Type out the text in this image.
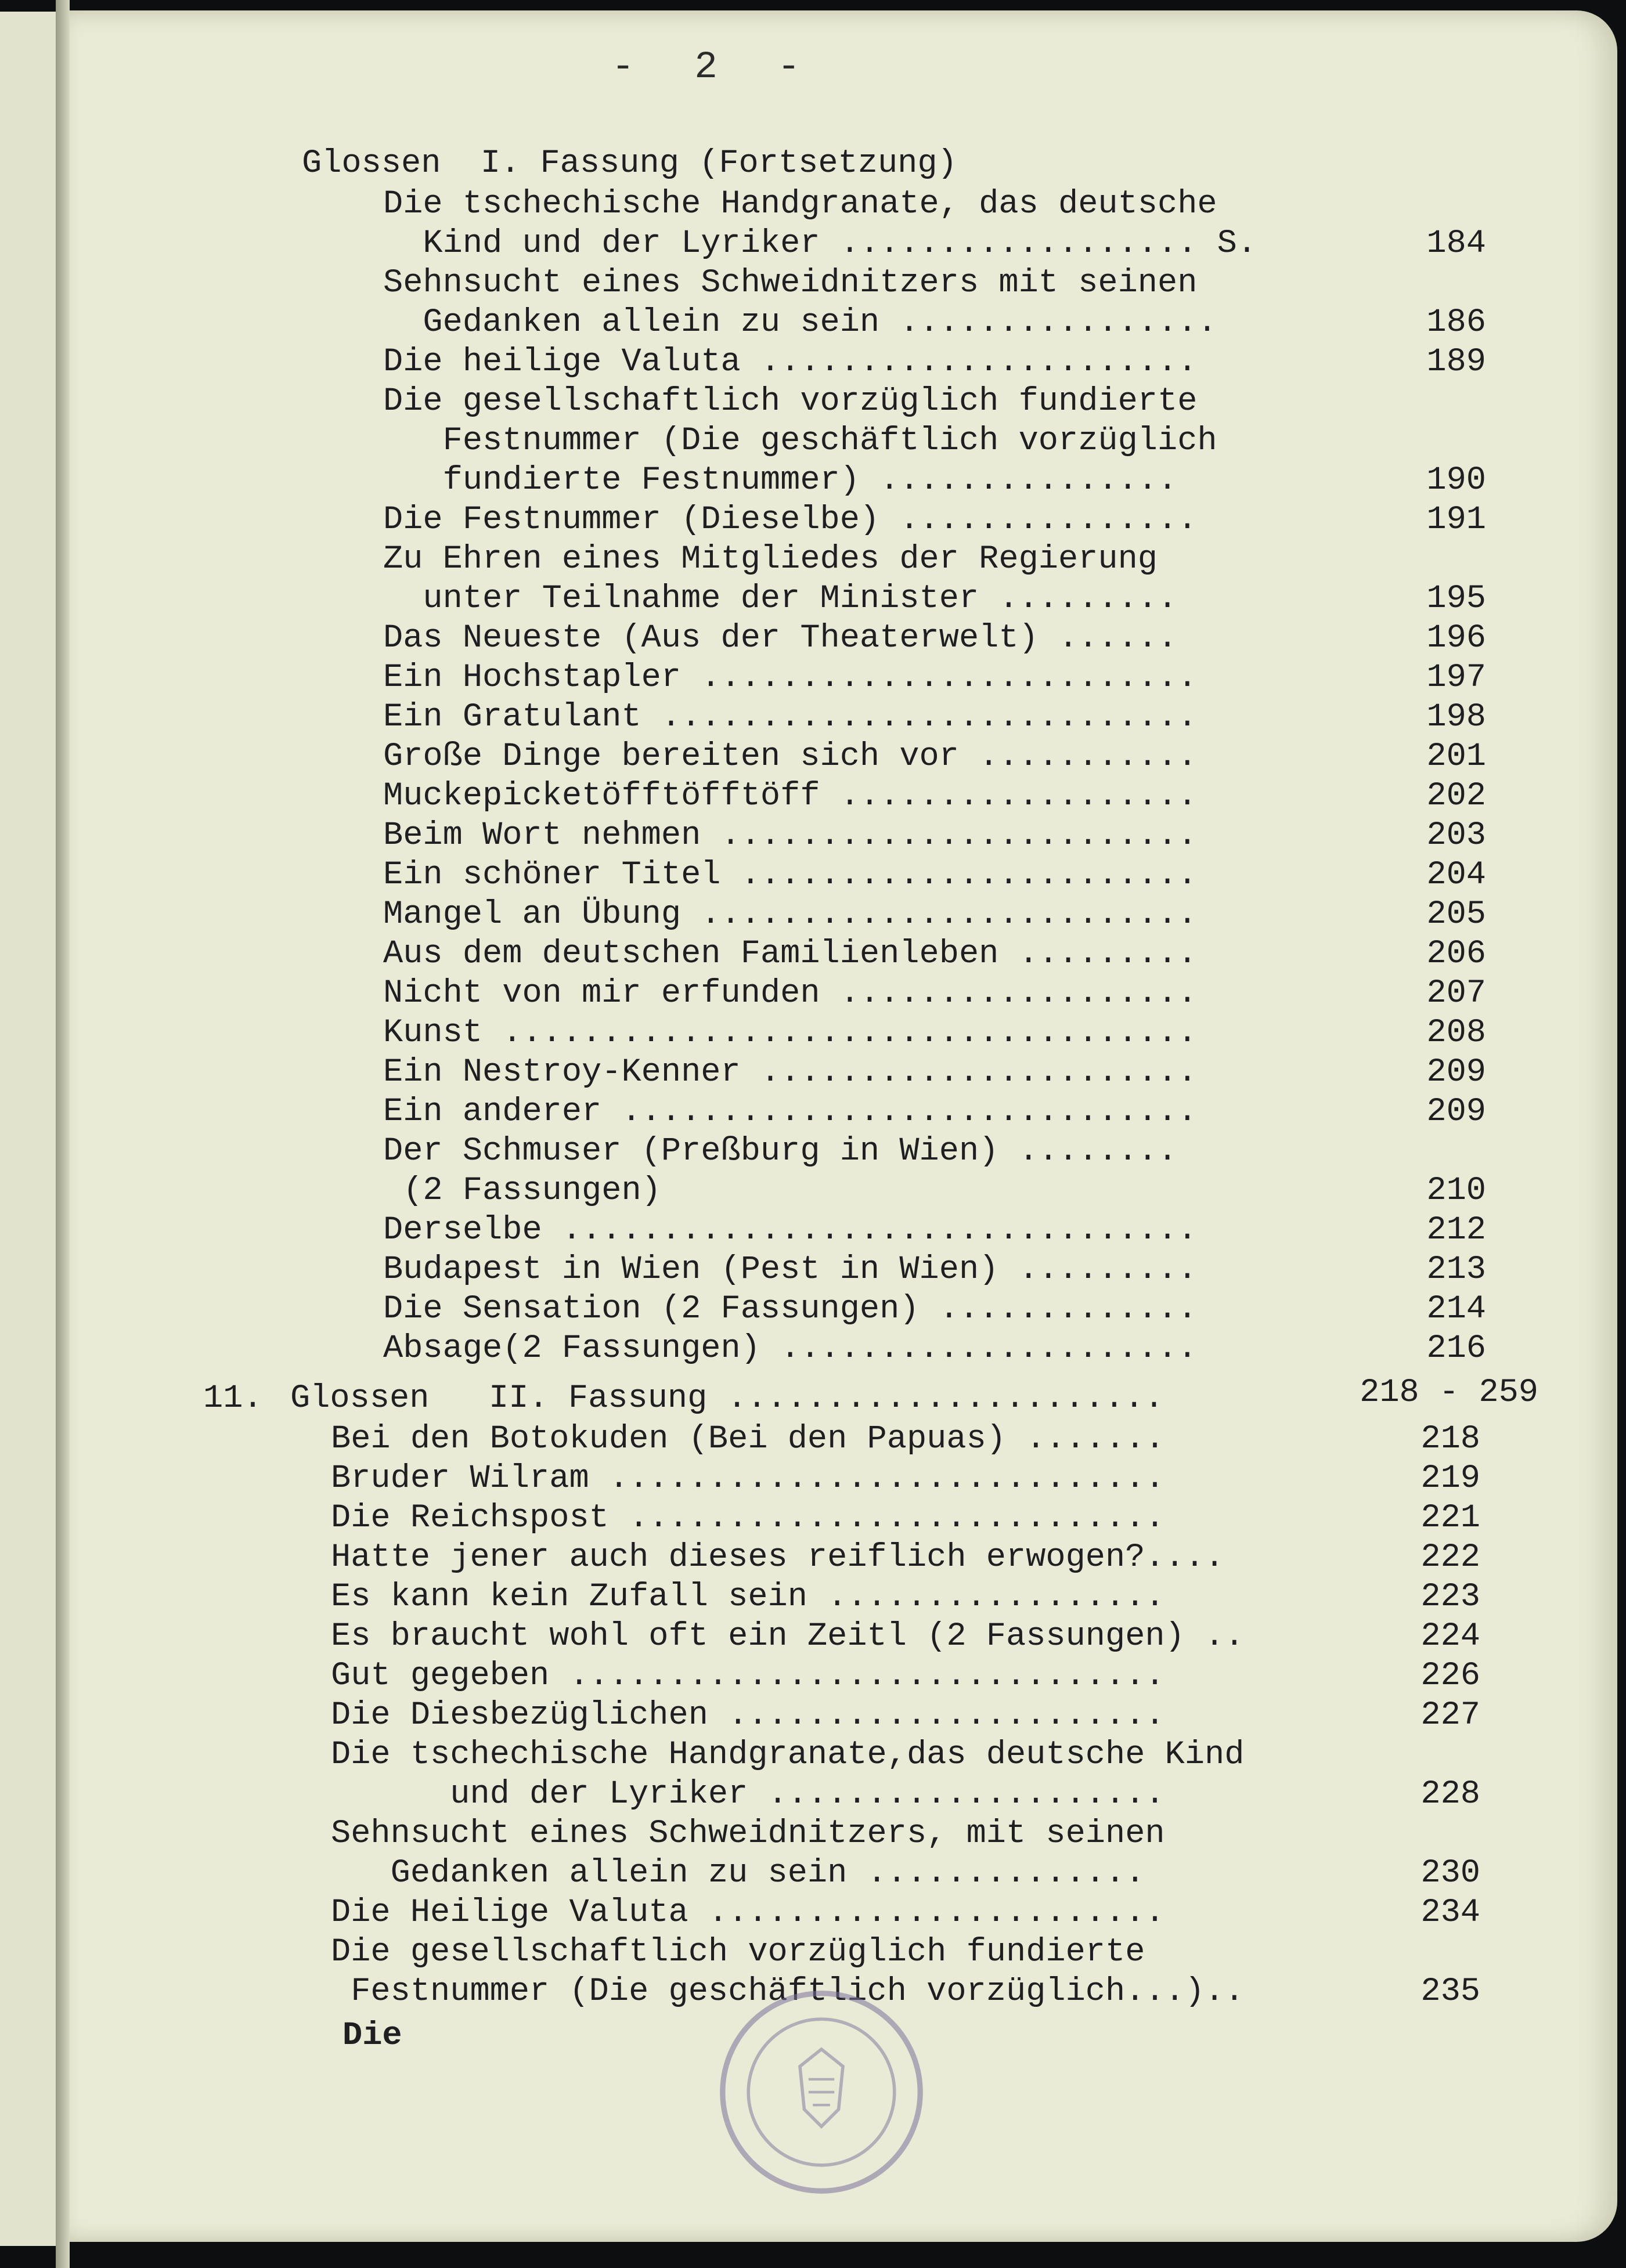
-  2  -
Glossen  I. Fassung (Fortsetzung)
Die tschechische Handgranate, das deutsche
Kind und der Lyriker .................. S.	184
Sehnsucht eines Schweidnitzers mit seinen
Gedanken allein zu sein ................	186
Die heilige Valuta ......................	189
Die gesellschaftlich vorzüglich fundierte
Festnummer (Die geschäftlich vorzüglich
fundierte Festnummer) ...............	190
Die Festnummer (Dieselbe) ...............	191
Zu Ehren eines Mitgliedes der Regierung
unter Teilnahme der Minister .........	195
Das Neueste (Aus der Theaterwelt) ......	196
Ein Hochstapler .........................	197
Ein Gratulant ...........................	198
Große Dinge bereiten sich vor ...........	201
Muckepicketöfftöfftöff ..................	202
Beim Wort nehmen ........................	203
Ein schöner Titel .......................	204
Mangel an Übung .........................	205
Aus dem deutschen Familienleben .........	206
Nicht von mir erfunden ..................	207
Kunst ...................................	208
Ein Nestroy-Kenner ......................	209
Ein anderer .............................	209
Der Schmuser (Preßburg in Wien) ........
(2 Fassungen)	210
Derselbe ................................	212
Budapest in Wien (Pest in Wien) .........	213
Die Sensation (2 Fassungen) .............	214
Absage(2 Fassungen) .....................	216
11. Glossen   II. Fassung ......................	218 - 259
Bei den Botokuden (Bei den Papuas) .......	218
Bruder Wilram ............................	219
Die Reichspost ...........................	221
Hatte jener auch dieses reiflich erwogen?....	222
Es kann kein Zufall sein .................	223
Es braucht wohl oft ein Zeitl (2 Fassungen) ..	224
Gut gegeben ..............................	226
Die Diesbezüglichen ......................	227
Die tschechische Handgranate,das deutsche Kind
und der Lyriker ....................	228
Sehnsucht eines Schweidnitzers, mit seinen
Gedanken allein zu sein ..............	230
Die Heilige Valuta .......................	234
Die gesellschaftlich vorzüglich fundierte
Festnummer (Die geschäftlich vorzüglich...)..	235
Die
